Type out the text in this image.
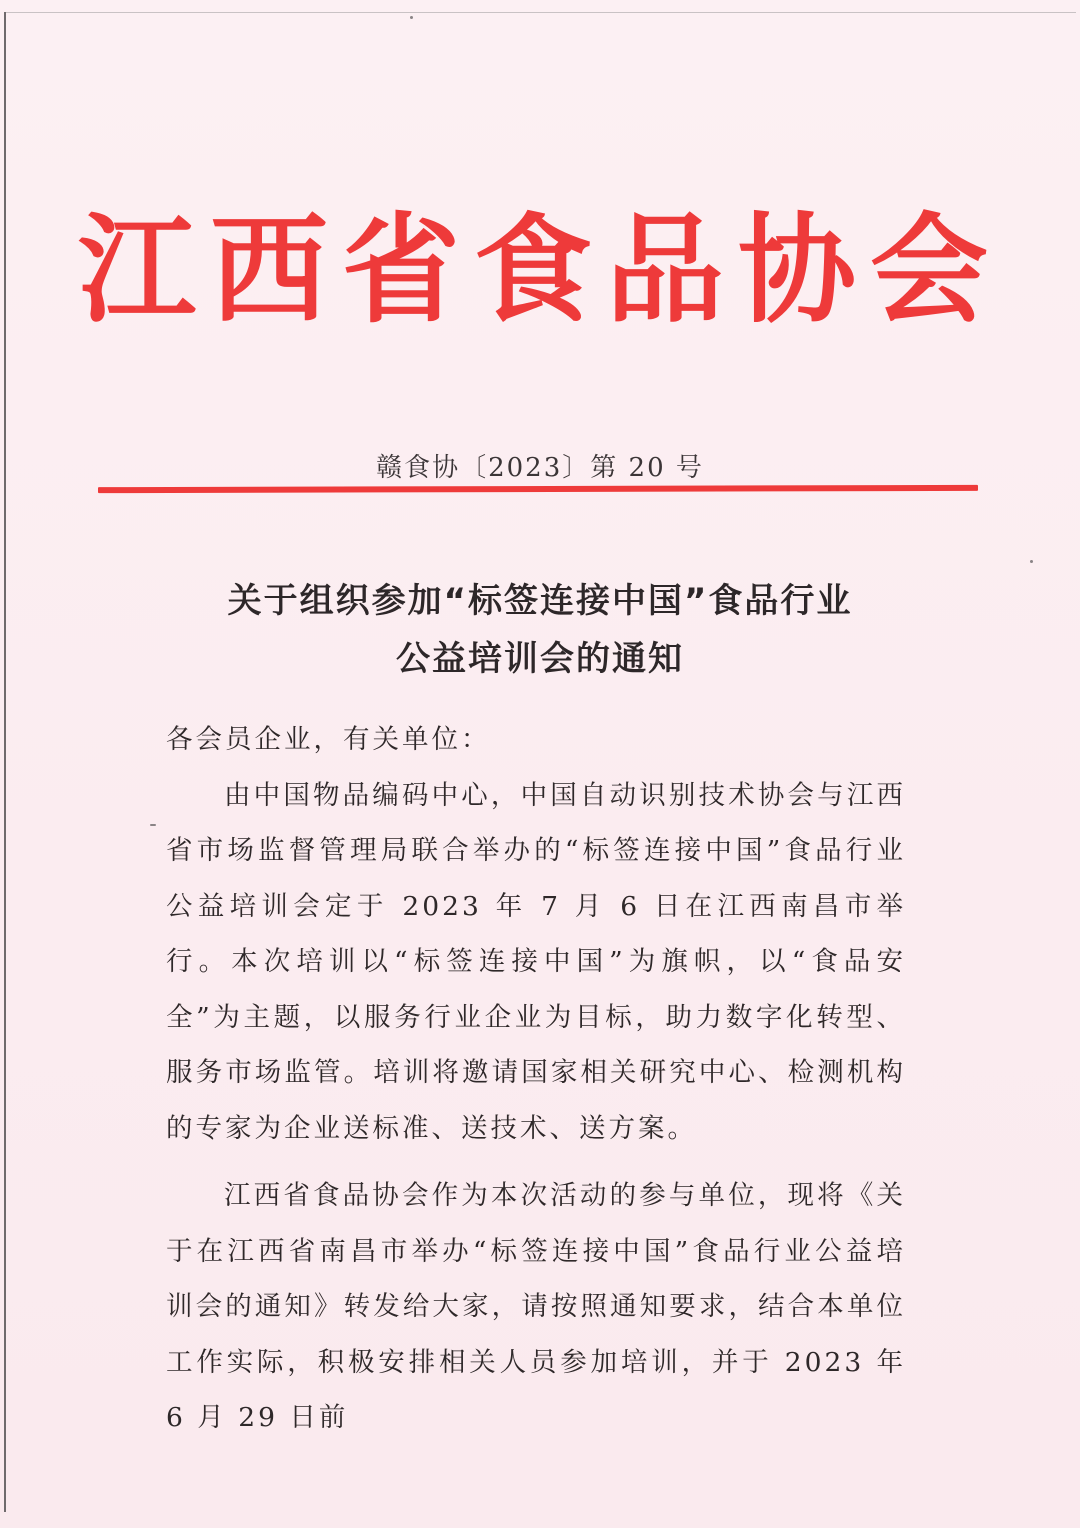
江西省食品协会
赣食协〔2023〕第 20 号
关于组织参加“标签连接中国”食品行业
公益培训会的通知

各会员企业，有关单位：

由中国物品编码中心，中国自动识别技术协会与江西省市场监督管理局联合举办的“标签连接中国”食品行业公益培训会定于 2023 年 7 月 6 日在江西南昌市举行。本次培训以“标签连接中国”为旗帜，以“食品安全”为主题，以服务行业企业为目标，助力数字化转型、服务市场监管。培训将邀请国家相关研究中心、检测机构的专家为企业送标准、送技术、送方案。

江西省食品协会作为本次活动的参与单位，现将《关于在江西省南昌市举办“标签连接中国”食品行业公益培训会的通知》转发给大家，请按照通知要求，结合本单位工作实际，积极安排相关人员参加培训，并于 2023 年 6 月 29 日前
